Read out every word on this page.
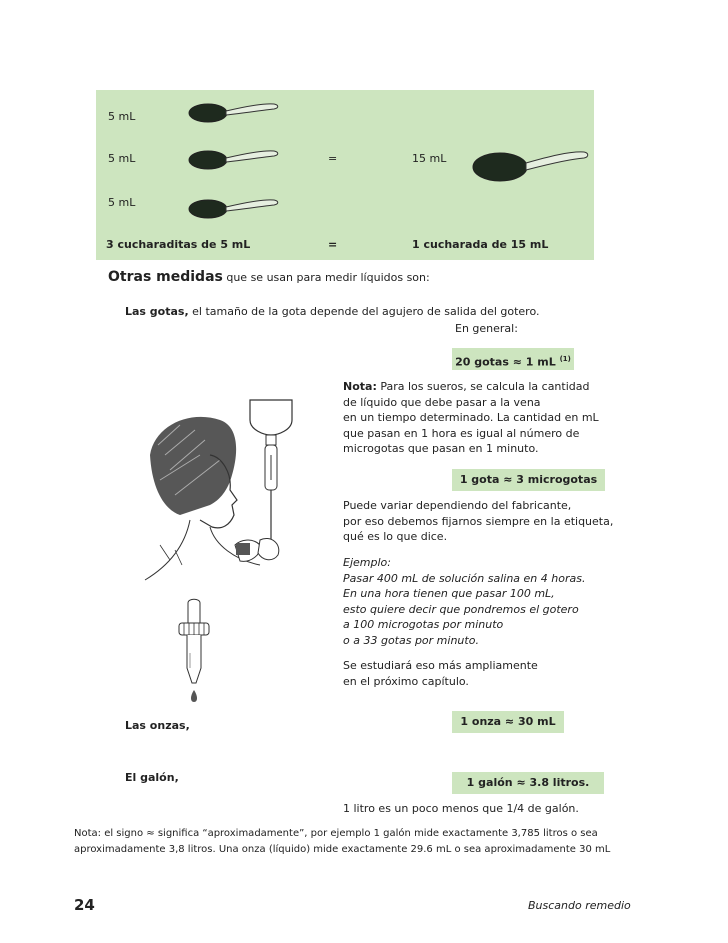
5 mL
5 mL
5 mL
=	15 mL
3 cucharaditas de 5 mL	=	1 cucharada de 15 mL
Otras medidas que se usan para medir líquidos son:
Las gotas, el tamaño de la gota depende del agujero de salida del gotero.
En general:
20 gotas ≈ 1 mL $^{(1)}$
Nota: Para los sueros, se calcula la cantidad
de líquido que debe pasar a la vena
en un tiempo determinado. La cantidad en mL
que pasan en 1 hora es igual al número de
microgotas que pasan en 1 minuto.
1 gota ≈ 3 microgotas
Puede variar dependiendo del fabricante,
por eso debemos fijarnos siempre en la etiqueta,
qué es lo que dice.
Ejemplo:
Pasar 400 mL de solución salina en 4 horas.
En una hora tienen que pasar 100 mL,
esto quiere decir que pondremos el gotero
a 100 microgotas por minuto
o a 33 gotas por minuto.
Se estudiará eso más ampliamente
en el próximo capítulo.
Las onzas,	1 onza ≈ 30 mL
El galón,	1 galón ≈ 3.8 litros.
1 litro es un poco menos que 1/4 de galón.
Nota: el signo ≈ significa “aproximadamente”, por ejemplo 1 galón mide exactamente 3,785 litros o sea
aproximadamente 3,8 litros. Una onza (líquido) mide exactamente 29.6 mL o sea aproximadamente 30 mL
24	Buscando remedio
